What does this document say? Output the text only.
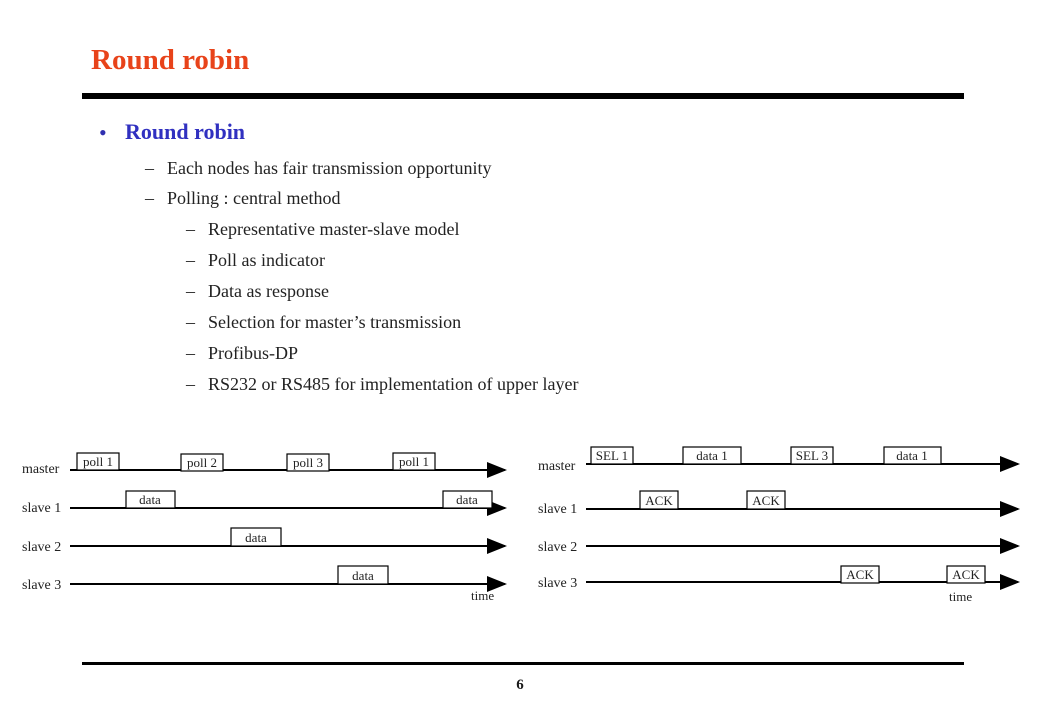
Round robin
• Round robin
– Each nodes has fair transmission opportunity
– Polling : central method
– Representative master-slave model
– Poll as indicator
– Data as response
– Selection for master’s transmission
– Profibus-DP
– RS232 or RS485 for implementation of upper layer
master
slave 1
slave 2
slave 3
poll 1	poll 2	poll 3	poll 1
data	data
data
data
time
master
slave 1
slave 2
slave 3
SEL 1	data 1	SEL 3	data 1
ACK	ACK
ACK	ACK
time
6
